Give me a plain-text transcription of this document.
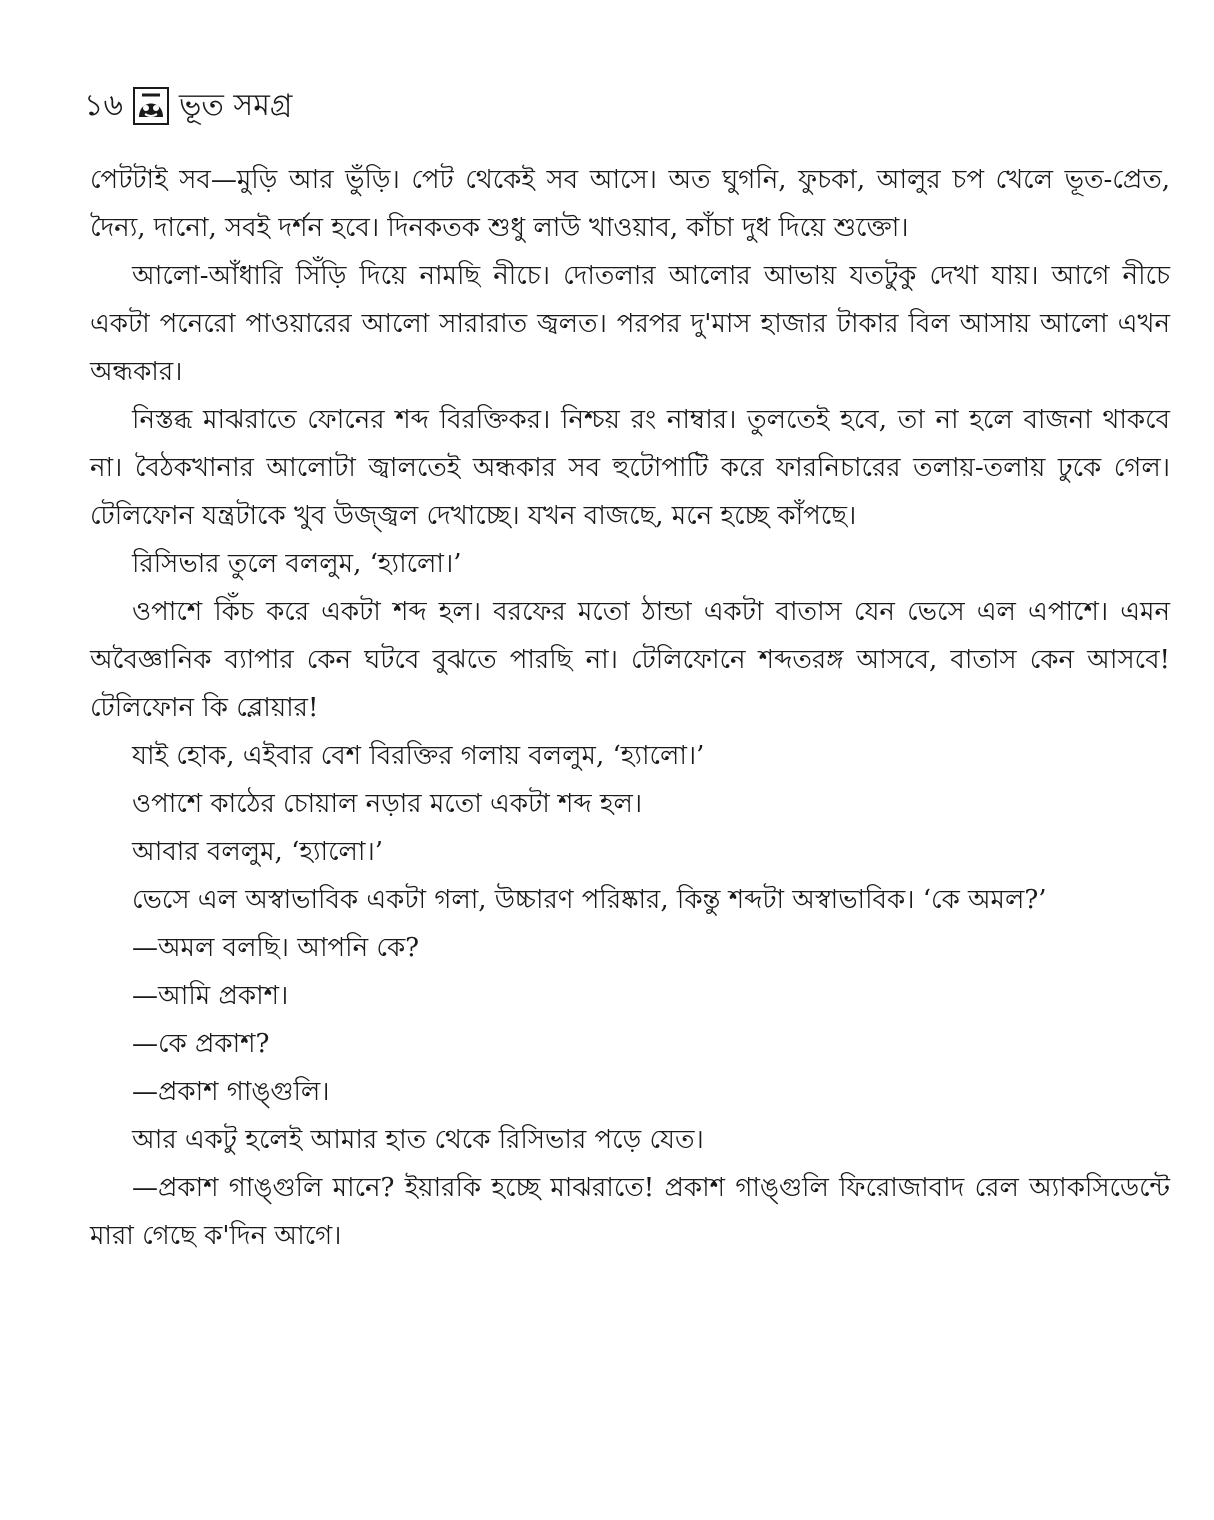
১৬ ভূত সমগ্র

পেটটাই সব—মুড়ি আর ভুঁড়ি। পেট থেকেই সব আসে। অত ঘুগনি, ফুচকা, আলুর চপ খেলে ভূত-প্রেত, দৈন্য, দানো, সবই দর্শন হবে। দিনকতক শুধু লাউ খাওয়াব, কাঁচা দুধ দিয়ে শুক্তো।

আলো-আঁধারি সিঁড়ি দিয়ে নামছি নীচে। দোতলার আলোর আভায় যতটুকু দেখা যায়। আগে নীচে একটা পনেরো পাওয়ারের আলো সারারাত জ্বলত। পরপর দু'মাস হাজার টাকার বিল আসায় আলো এখন অন্ধকার।

নিস্তব্ধ মাঝরাতে ফোনের শব্দ বিরক্তিকর। নিশ্চয় রং নাম্বার। তুলতেই হবে, তা না হলে বাজনা থাকবে না। বৈঠকখানার আলোটা জ্বালতেই অন্ধকার সব হুটোপাটি করে ফারনিচারের তলায়-তলায় ঢুকে গেল। টেলিফোন যন্ত্রটাকে খুব উজ্জ্বল দেখাচ্ছে। যখন বাজছে, মনে হচ্ছে কাঁপছে।

রিসিভার তুলে বললুম, ‘হ্যালো।’

ওপাশে কিঁচ করে একটা শব্দ হল। বরফের মতো ঠান্ডা একটা বাতাস যেন ভেসে এল এপাশে। এমন অবৈজ্ঞানিক ব্যাপার কেন ঘটবে বুঝতে পারছি না। টেলিফোনে শব্দতরঙ্গ আসবে, বাতাস কেন আসবে! টেলিফোন কি ব্লোয়ার!

যাই হোক, এইবার বেশ বিরক্তির গলায় বললুম, ‘হ্যালো।’

ওপাশে কাঠের চোয়াল নড়ার মতো একটা শব্দ হল।

আবার বললুম, ‘হ্যালো।’

ভেসে এল অস্বাভাবিক একটা গলা, উচ্চারণ পরিষ্কার, কিন্তু শব্দটা অস্বাভাবিক। ‘কে অমল?’

—অমল বলছি। আপনি কে?

—আমি প্রকাশ।

—কে প্রকাশ?

—প্রকাশ গাঙ্গুলি।

আর একটু হলেই আমার হাত থেকে রিসিভার পড়ে যেত।

—প্রকাশ গাঙ্গুলি মানে? ইয়ারকি হচ্ছে মাঝরাতে! প্রকাশ গাঙ্গুলি ফিরোজাবাদ রেল অ্যাকসিডেন্টে মারা গেছে ক'দিন আগে।
